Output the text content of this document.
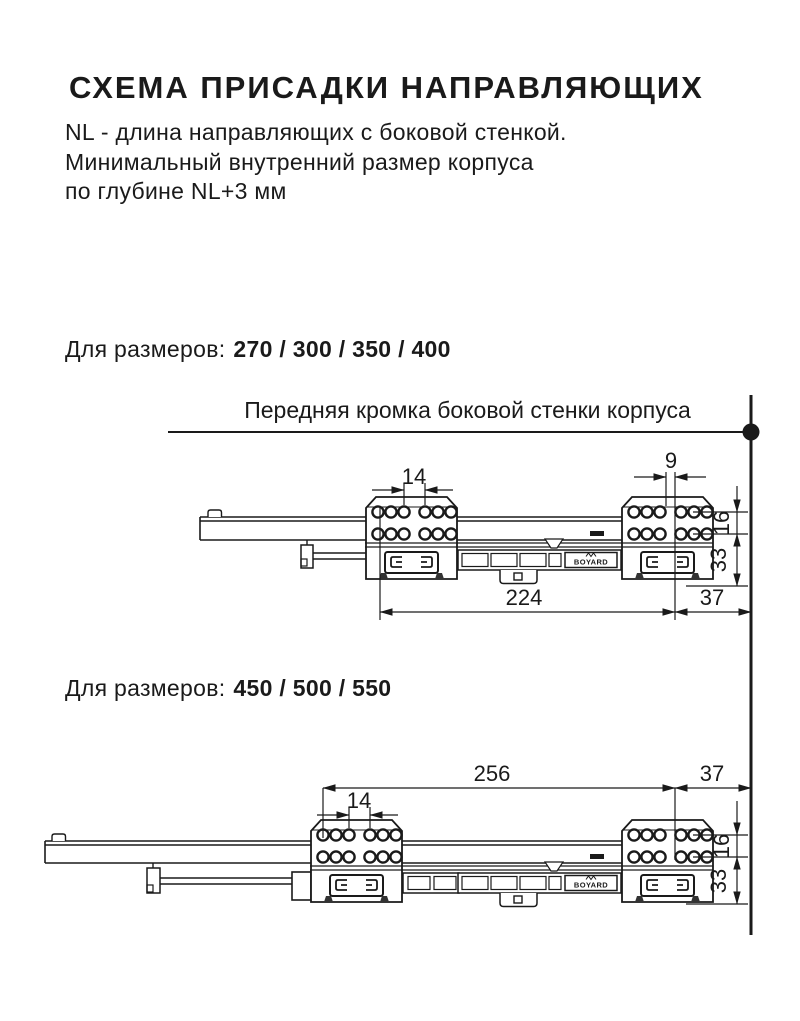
СХЕМА ПРИСАДКИ НАПРАВЛЯЮЩИХ
NL - длина направляющих с боковой стенкой.
Минимальный внутренний размер корпуса
по глубине NL+3 мм
Для размеров: 270 / 300 / 350 / 400
Передняя кромка боковой стенки корпуса
Для размеров: 450 / 500 / 550
BOYARD
14
9
16
33
224	37
256	37
14
16
33
